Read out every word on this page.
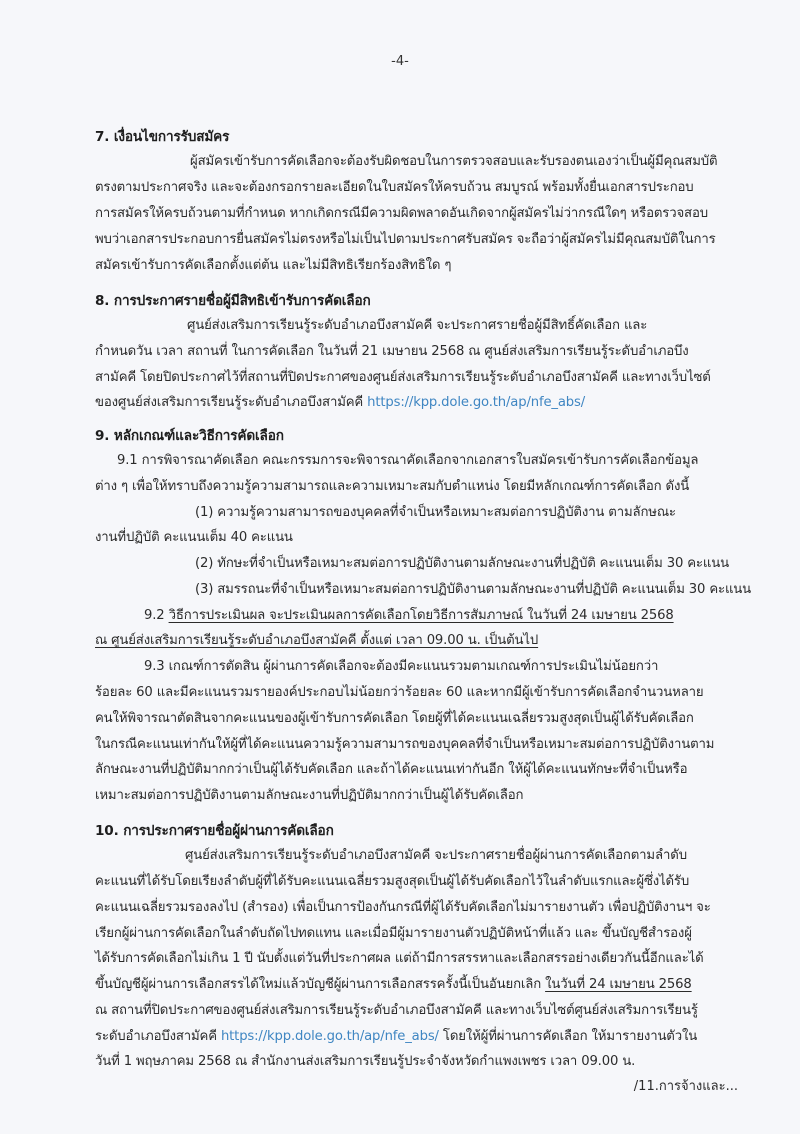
-4-
7. เงื่อนไขการรับสมัคร
ผู้สมัครเข้ารับการคัดเลือกจะต้องรับผิดชอบในการตรวจสอบและรับรองตนเองว่าเป็นผู้มีคุณสมบัติ
ตรงตามประกาศจริง และจะต้องกรอกรายละเอียดในใบสมัครให้ครบถ้วน สมบูรณ์ พร้อมทั้งยื่นเอกสารประกอบ
การสมัครให้ครบถ้วนตามที่กำหนด หากเกิดกรณีมีความผิดพลาดอันเกิดจากผู้สมัครไม่ว่ากรณีใดๆ หรือตรวจสอบ
พบว่าเอกสารประกอบการยื่นสมัครไม่ตรงหรือไม่เป็นไปตามประกาศรับสมัคร จะถือว่าผู้สมัครไม่มีคุณสมบัติในการ
สมัครเข้ารับการคัดเลือกตั้งแต่ต้น และไม่มีสิทธิเรียกร้องสิทธิใด ๆ
8. การประกาศรายชื่อผู้มีสิทธิเข้ารับการคัดเลือก
ศูนย์ส่งเสริมการเรียนรู้ระดับอำเภอบึงสามัคคี จะประกาศรายชื่อผู้มีสิทธิ์คัดเลือก และ
กำหนดวัน เวลา สถานที่ ในการคัดเลือก ในวันที่ 21 เมษายน 2568 ณ ศูนย์ส่งเสริมการเรียนรู้ระดับอำเภอบึง
สามัคคี โดยปิดประกาศไว้ที่สถานที่ปิดประกาศของศูนย์ส่งเสริมการเรียนรู้ระดับอำเภอบึงสามัคคี และทางเว็บไซต์
ของศูนย์ส่งเสริมการเรียนรู้ระดับอำเภอบึงสามัคคี https://kpp.dole.go.th/ap/nfe_abs/
9. หลักเกณฑ์และวิธีการคัดเลือก
9.1 การพิจารณาคัดเลือก คณะกรรมการจะพิจารณาคัดเลือกจากเอกสารใบสมัครเข้ารับการคัดเลือกข้อมูล
ต่าง ๆ เพื่อให้ทราบถึงความรู้ความสามารถและความเหมาะสมกับตำแหน่ง โดยมีหลักเกณฑ์การคัดเลือก ดังนี้
(1) ความรู้ความสามารถของบุคคลที่จำเป็นหรือเหมาะสมต่อการปฏิบัติงาน ตามลักษณะ
งานที่ปฏิบัติ คะแนนเต็ม 40 คะแนน
(2) ทักษะที่จำเป็นหรือเหมาะสมต่อการปฏิบัติงานตามลักษณะงานที่ปฏิบัติ คะแนนเต็ม 30 คะแนน
(3) สมรรถนะที่จำเป็นหรือเหมาะสมต่อการปฏิบัติงานตามลักษณะงานที่ปฏิบัติ คะแนนเต็ม 30 คะแนน
9.2 วิธีการประเมินผล จะประเมินผลการคัดเลือกโดยวิธีการสัมภาษณ์ ในวันที่ 24 เมษายน 2568
ณ ศูนย์ส่งเสริมการเรียนรู้ระดับอำเภอบึงสามัคคี ตั้งแต่ เวลา 09.00 น. เป็นต้นไป
9.3 เกณฑ์การตัดสิน ผู้ผ่านการคัดเลือกจะต้องมีคะแนนรวมตามเกณฑ์การประเมินไม่น้อยกว่า
ร้อยละ 60 และมีคะแนนรวมรายองค์ประกอบไม่น้อยกว่าร้อยละ 60 และหากมีผู้เข้ารับการคัดเลือกจำนวนหลาย
คนให้พิจารณาตัดสินจากคะแนนของผู้เข้ารับการคัดเลือก โดยผู้ที่ได้คะแนนเฉลี่ยรวมสูงสุดเป็นผู้ได้รับคัดเลือก
ในกรณีคะแนนเท่ากันให้ผู้ที่ได้คะแนนความรู้ความสามารถของบุคคลที่จำเป็นหรือเหมาะสมต่อการปฏิบัติงานตาม
ลักษณะงานที่ปฏิบัติมากกว่าเป็นผู้ได้รับคัดเลือก และถ้าได้คะแนนเท่ากันอีก ให้ผู้ได้คะแนนทักษะที่จำเป็นหรือ
เหมาะสมต่อการปฏิบัติงานตามลักษณะงานที่ปฏิบัติมากกว่าเป็นผู้ได้รับคัดเลือก
10. การประกาศรายชื่อผู้ผ่านการคัดเลือก
ศูนย์ส่งเสริมการเรียนรู้ระดับอำเภอบึงสามัคคี จะประกาศรายชื่อผู้ผ่านการคัดเลือกตามลำดับ
คะแนนที่ได้รับโดยเรียงลำดับผู้ที่ได้รับคะแนนเฉลี่ยรวมสูงสุดเป็นผู้ได้รับคัดเลือกไว้ในลำดับแรกและผู้ซึ่งได้รับ
คะแนนเฉลี่ยรวมรองลงไป (สำรอง) เพื่อเป็นการป้องกันกรณีที่ผู้ได้รับคัดเลือกไม่มารายงานตัว เพื่อปฏิบัติงานฯ จะ
เรียกผู้ผ่านการคัดเลือกในลำดับถัดไปทดแทน และเมื่อมีผู้มารายงานตัวปฏิบัติหน้าที่แล้ว และ ขึ้นบัญชีสำรองผู้
ได้รับการคัดเลือกไม่เกิน 1 ปี นับตั้งแต่วันที่ประกาศผล แต่ถ้ามีการสรรหาและเลือกสรรอย่างเดียวกันนี้อีกและได้
ขึ้นบัญชีผู้ผ่านการเลือกสรรได้ใหม่แล้วบัญชีผู้ผ่านการเลือกสรรครั้งนี้เป็นอันยกเลิก ในวันที่ 24 เมษายน 2568
ณ สถานที่ปิดประกาศของศูนย์ส่งเสริมการเรียนรู้ระดับอำเภอบึงสามัคคี และทางเว็บไซต์ศูนย์ส่งเสริมการเรียนรู้
ระดับอำเภอบึงสามัคคี https://kpp.dole.go.th/ap/nfe_abs/ โดยให้ผู้ที่ผ่านการคัดเลือก ให้มารายงานตัวใน
วันที่ 1 พฤษภาคม 2568 ณ สำนักงานส่งเสริมการเรียนรู้ประจำจังหวัดกำแพงเพชร เวลา 09.00 น.
/11.การจ้างและ...
